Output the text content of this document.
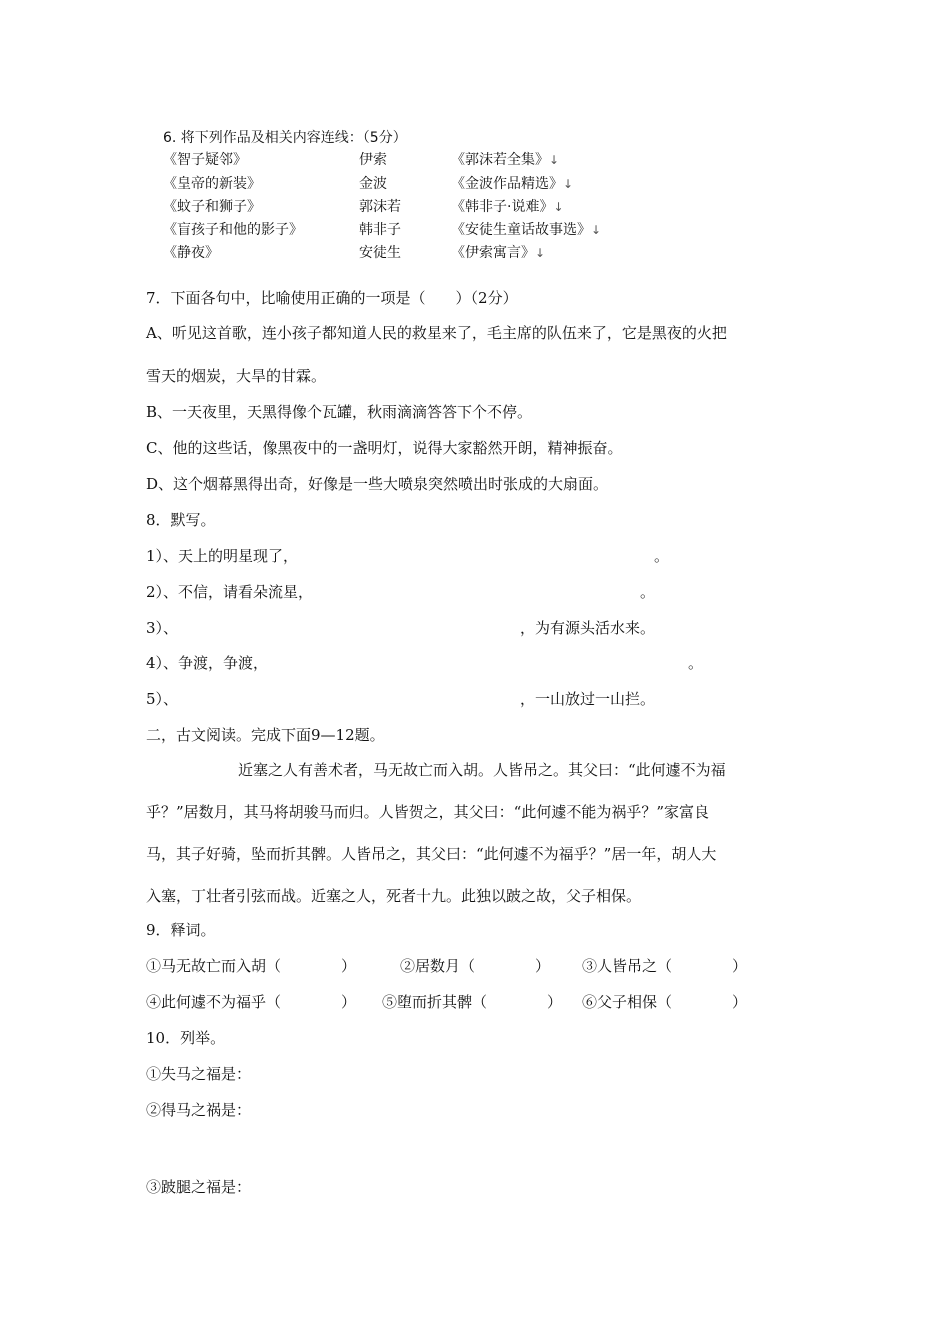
6. 将下列作品及相关内容连线：（5分）
《智子疑邻》	伊索	《郭沫若全集》↓
《皇帝的新装》	金波	《金波作品精选》↓
《蚊子和狮子》	郭沫若	《韩非子·说难》↓
《盲孩子和他的影子》	韩非子	《安徒生童话故事选》↓
《静夜》	安徒生	《伊索寓言》↓
7．下面各句中，比喻使用正确的一项是（　　）（2分）
A、听见这首歌，连小孩子都知道人民的救星来了，毛主席的队伍来了，它是黑夜的火把
雪天的烟炭，大旱的甘霖。
B、一天夜里，天黑得像个瓦罐，秋雨滴滴答答下个不停。
C、他的这些话，像黑夜中的一盏明灯，说得大家豁然开朗，精神振奋。
D、这个烟幕黑得出奇，好像是一些大喷泉突然喷出时张成的大扇面。
8．默写。
1）、天上的明星现了，	。
2）、不信，请看朵流星，	。
3）、	，为有源头活水来。
4）、争渡，争渡，	。
5）、	，一山放过一山拦。
二，古文阅读。完成下面9—12题。
近塞之人有善术者，马无故亡而入胡。人皆吊之。其父曰：“此何遽不为福
乎？”居数月，其马将胡骏马而归。人皆贺之，其父曰：“此何遽不能为祸乎？”家富良
马，其子好骑，坠而折其髀。人皆吊之，其父曰：“此何遽不为福乎？”居一年，胡人大
入塞，丁壮者引弦而战。近塞之人，死者十九。此独以跛之故，父子相保。
9．释词。
①马无故亡而入胡（　　　　）	②居数月（　　　　） ③人皆吊之（　　　　）
④此何遽不为福乎（　　　　） ⑤堕而折其髀（　　　　） ⑥父子相保（　　　　）
10．列举。
①失马之福是：
②得马之祸是：
③跛腿之福是：
